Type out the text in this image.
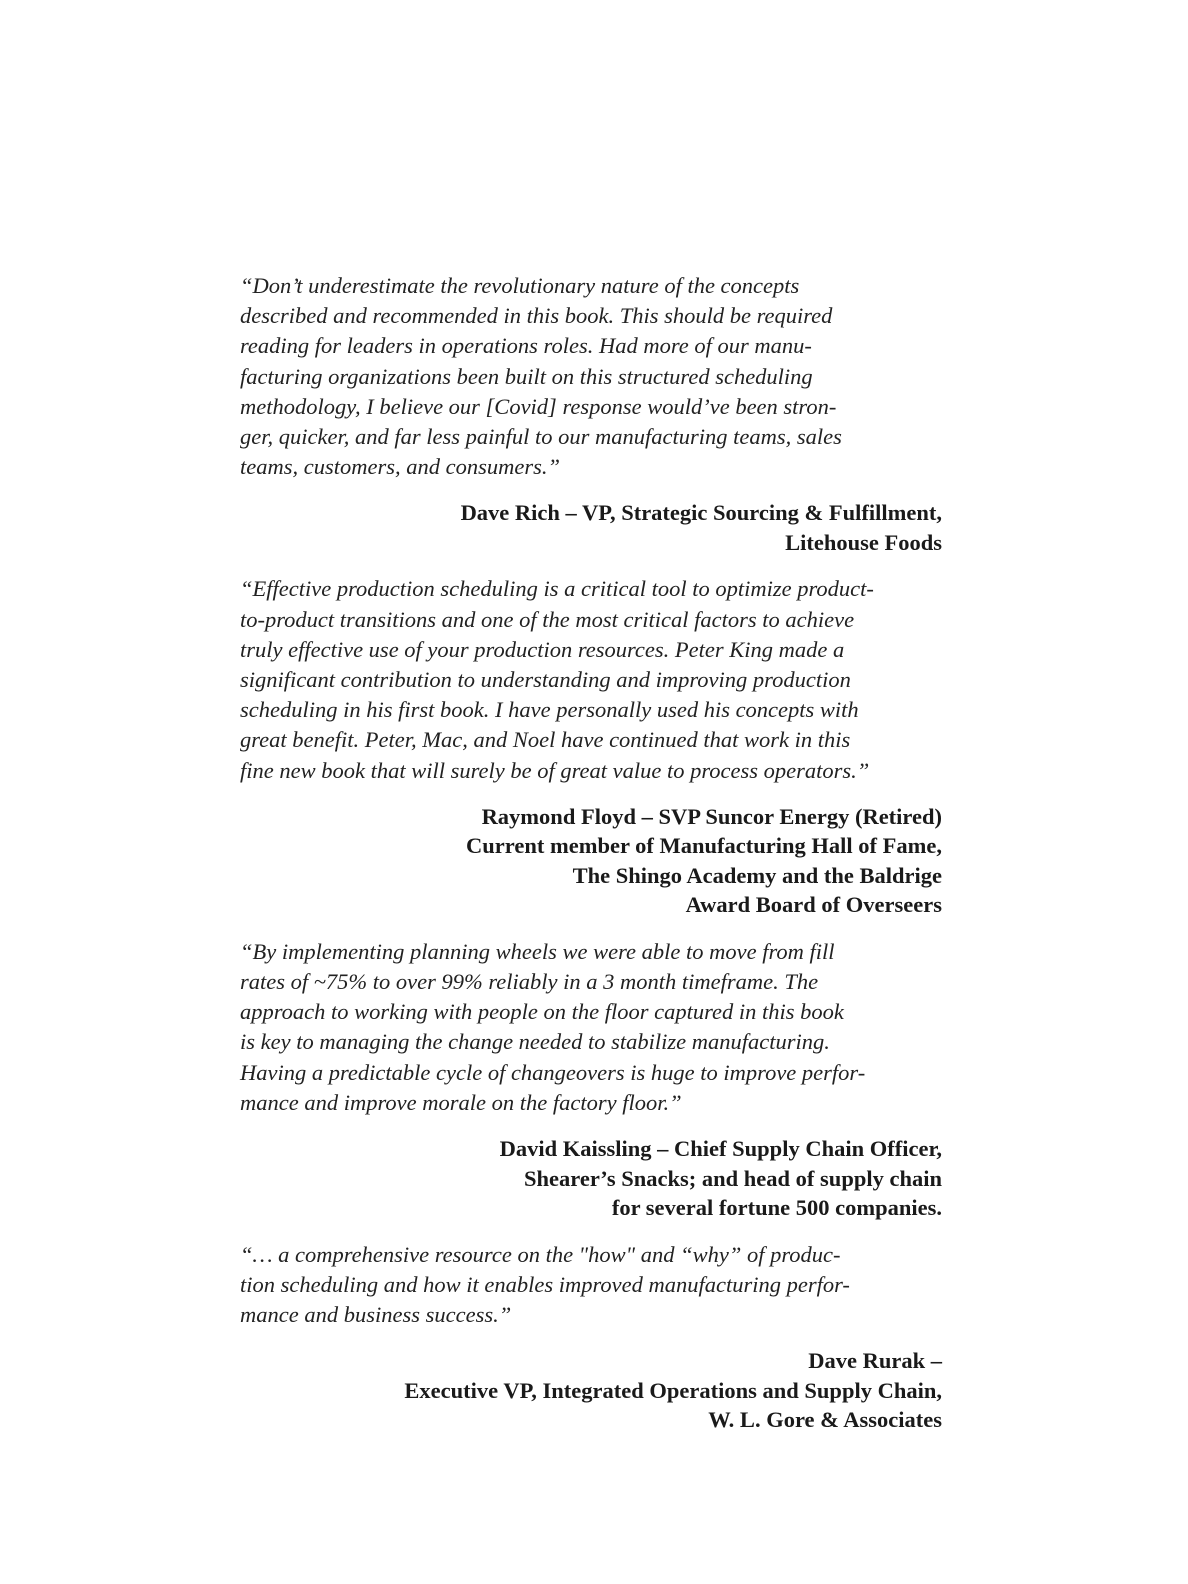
“Don’t underestimate the revolutionary nature of the concepts
described and recommended in this book. This should be required
reading for leaders in operations roles. Had more of our manu-
facturing organizations been built on this structured scheduling
methodology, I believe our [Covid] response would’ve been stron-
ger, quicker, and far less painful to our manufacturing teams, sales
teams, customers, and consumers.”
Dave Rich – VP, Strategic Sourcing & Fulfillment,
Litehouse Foods
“Effective production scheduling is a critical tool to optimize product-
to-product transitions and one of the most critical factors to achieve
truly effective use of your production resources. Peter King made a
significant contribution to understanding and improving production
scheduling in his first book. I have personally used his concepts with
great benefit. Peter, Mac, and Noel have continued that work in this
fine new book that will surely be of great value to process operators.”
Raymond Floyd – SVP Suncor Energy (Retired)
Current member of Manufacturing Hall of Fame,
The Shingo Academy and the Baldrige
Award Board of Overseers
“By implementing planning wheels we were able to move from fill
rates of ~75% to over 99% reliably in a 3 month timeframe. The
approach to working with people on the floor captured in this book
is key to managing the change needed to stabilize manufacturing.
Having a predictable cycle of changeovers is huge to improve perfor-
mance and improve morale on the factory floor.”
David Kaissling – Chief Supply Chain Officer,
Shearer’s Snacks; and head of supply chain
for several fortune 500 companies.
“… a comprehensive resource on the "how" and “why” of produc-
tion scheduling and how it enables improved manufacturing perfor-
mance and business success.”
Dave Rurak –
Executive VP, Integrated Operations and Supply Chain,
W. L. Gore & Associates
